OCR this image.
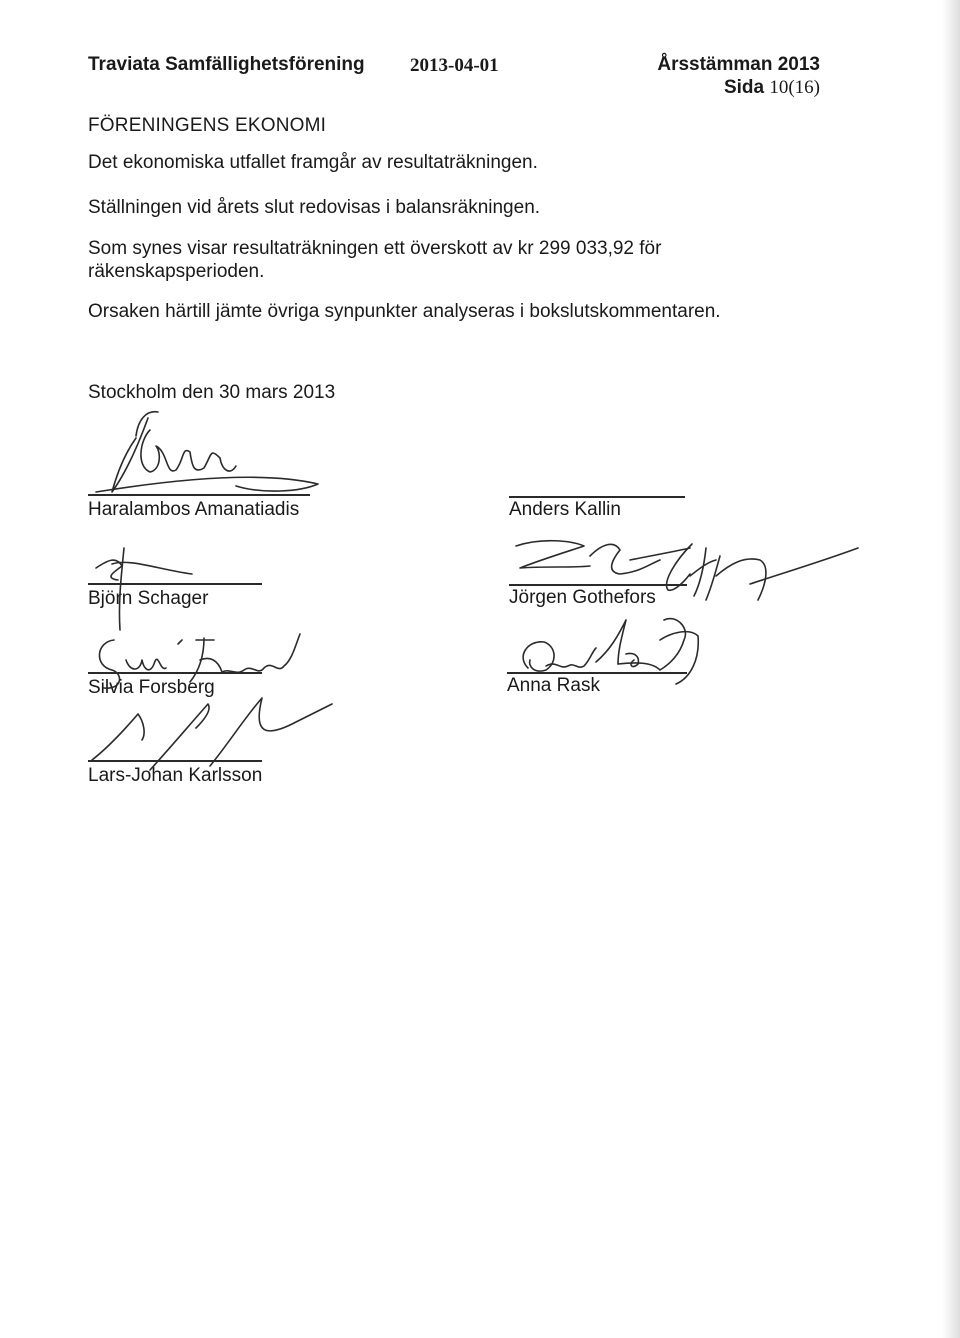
Traviata Samfällighetsförening 2013-04-01	Årsstämman 2013
Sida 10(16)
FÖRENINGENS EKONOMI
Det ekonomiska utfallet framgår av resultaträkningen.
Ställningen vid årets slut redovisas i balansräkningen.
Som synes visar resultaträkningen ett överskott av kr 299 033,92 för räkenskapsperioden.
Orsaken härtill jämte övriga synpunkter analyseras i bokslutskommentaren.
Stockholm den 30 mars 2013
Haralambos Amanatiadis	Anders Kallin
Björn Schager	Jörgen Gothefors
Silvia Forsberg	Anna Rask
Lars-Johan Karlsson
